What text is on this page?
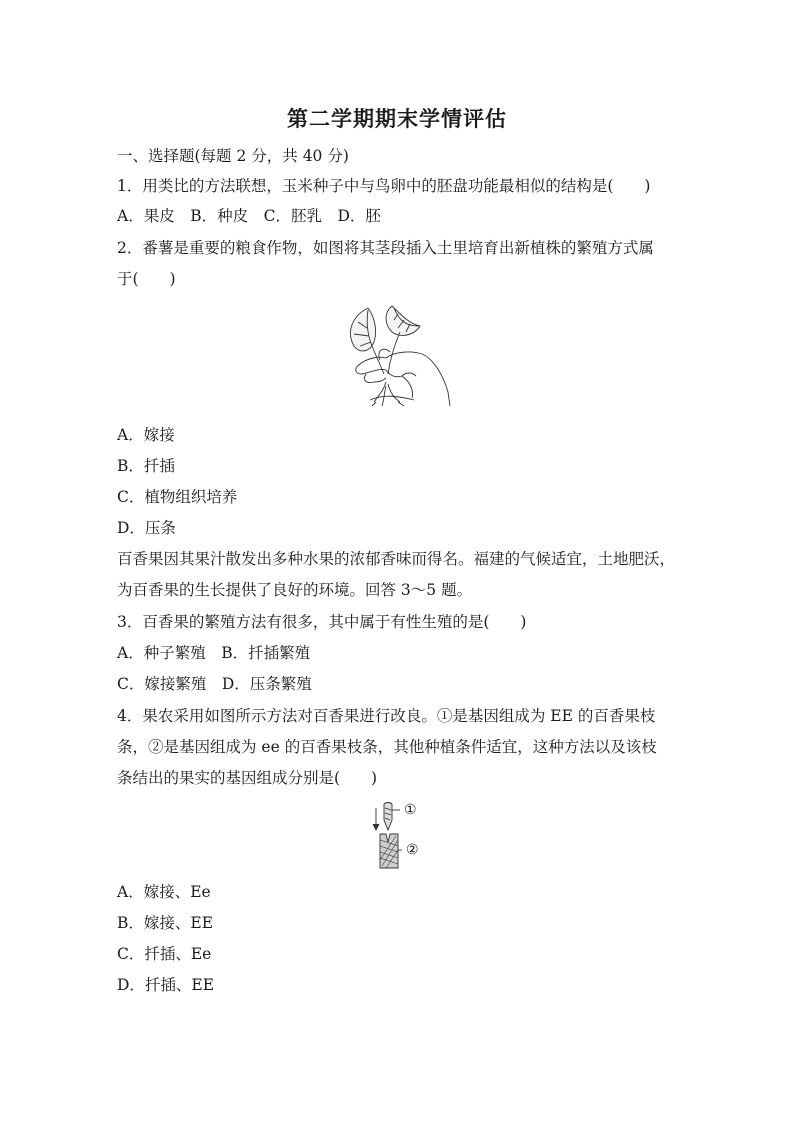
第二学期期末学情评估
一、选择题(每题 2 分，共 40 分)
1．用类比的方法联想，玉米种子中与鸟卵中的胚盘功能最相似的结构是(　　)
A．果皮　B．种皮　C．胚乳　D．胚
2．番薯是重要的粮食作物，如图将其茎段插入土里培育出新植株的繁殖方式属
于(　　)
A．嫁接
B．扦插
C．植物组织培养
D．压条
百香果因其果汁散发出多种水果的浓郁香味而得名。福建的气候适宜，土地肥沃，
为百香果的生长提供了良好的环境。回答 3～5 题。
3．百香果的繁殖方法有很多，其中属于有性生殖的是(　　)
A．种子繁殖　B．扦插繁殖
C．嫁接繁殖　D．压条繁殖
4．果农采用如图所示方法对百香果进行改良。①是基因组成为 EE 的百香果枝
条，②是基因组成为 ee 的百香果枝条，其他种植条件适宜，这种方法以及该枝
条结出的果实的基因组成分别是(　　)
①
②
A．嫁接、Ee
B．嫁接、EE
C．扦插、Ee
D．扦插、EE
